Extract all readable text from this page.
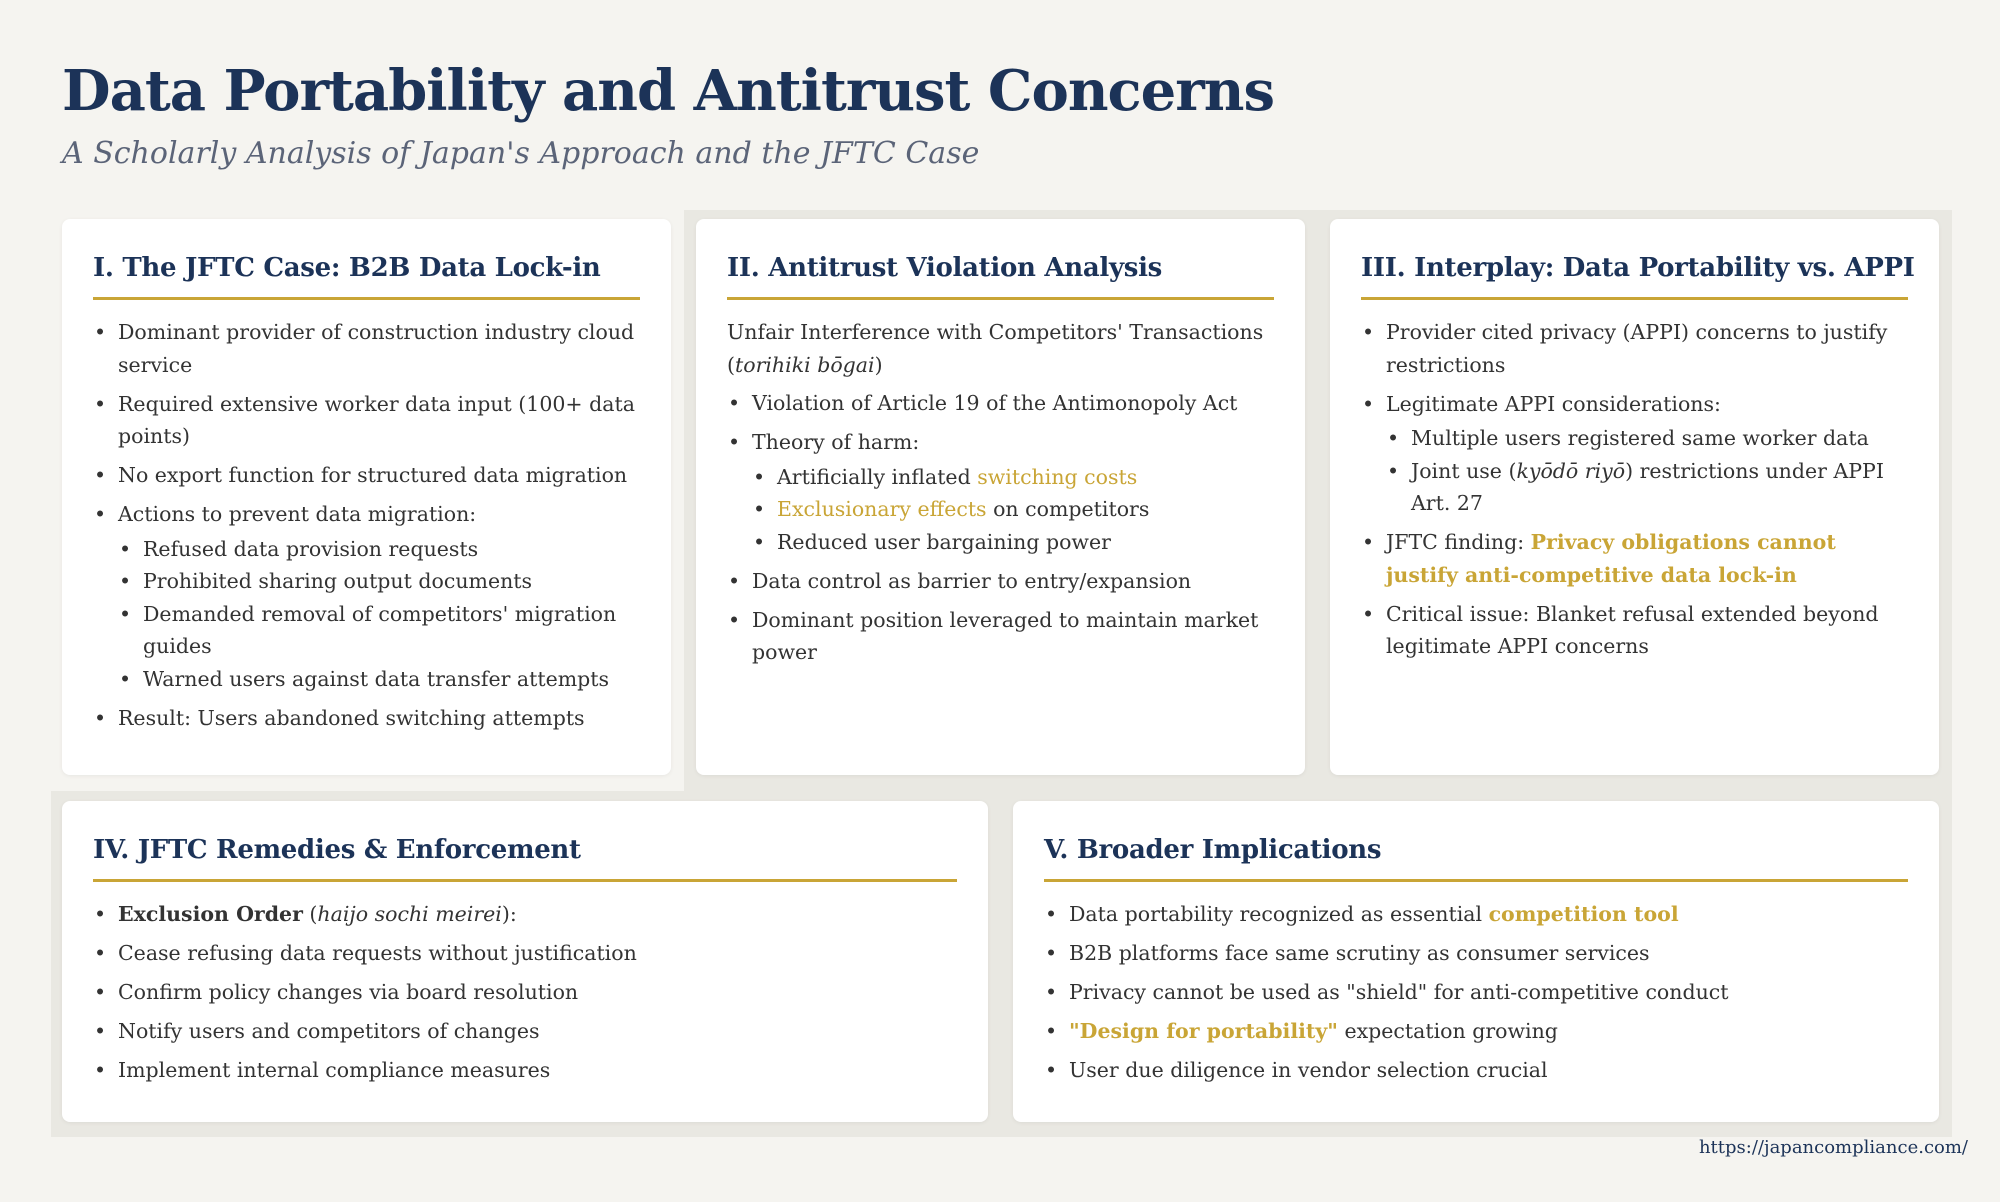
Data Portability and Antitrust Concerns
A Scholarly Analysis of Japan's Approach and the JFTC Case
I. The JFTC Case: B2B Data Lock-in
• Dominant provider of construction industry cloud service
• Required extensive worker data input (100+ data points)
• No export function for structured data migration
• Actions to prevent data migration:
• Refused data provision requests
• Prohibited sharing output documents
• Demanded removal of competitors' migration guides
• Warned users against data transfer attempts
• Result: Users abandoned switching attempts
II. Antitrust Violation Analysis

Unfair Interference with Competitors' Transactions (torihiki bōgai)

• Violation of Article 19 of the Antimonopoly Act
• Theory of harm:
• Artificially inflated switching costs
• Exclusionary effects on competitors
• Reduced user bargaining power
• Data control as barrier to entry/expansion
• Dominant position leveraged to maintain market power
III. Interplay: Data Portability vs. APPI
• Provider cited privacy (APPI) concerns to justify restrictions
• Legitimate APPI considerations:
• Multiple users registered same worker data
• Joint use (kyōdō riyō) restrictions under APPI Art. 27
• JFTC finding: Privacy obligations cannot justify anti-competitive data lock-in
• Critical issue: Blanket refusal extended beyond legitimate APPI concerns
IV. JFTC Remedies & Enforcement
• Exclusion Order (haijo sochi meirei):
• Cease refusing data requests without justification
• Confirm policy changes via board resolution
• Notify users and competitors of changes
• Implement internal compliance measures
V. Broader Implications
• Data portability recognized as essential competition tool
• B2B platforms face same scrutiny as consumer services
• Privacy cannot be used as "shield" for anti-competitive conduct
• "Design for portability" expectation growing
• User due diligence in vendor selection crucial
https://japancompliance.com/
